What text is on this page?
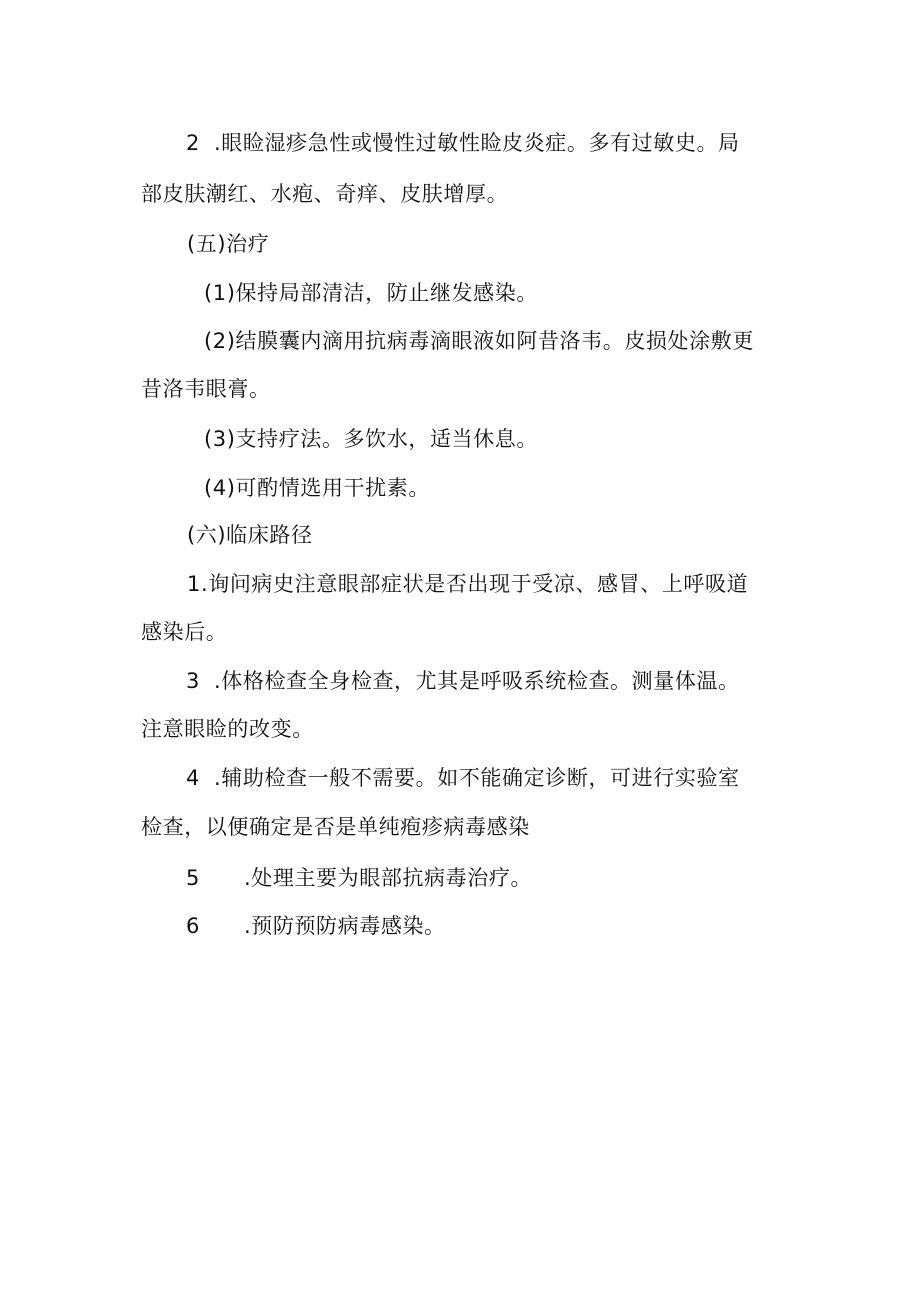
2 .眼睑湿疹急性或慢性过敏性睑皮炎症。多有过敏史。局
部皮肤潮红、水疱、奇痒、皮肤增厚。
(五)治疗
(1)保持局部清洁，防止继发感染。
(2)结膜囊内滴用抗病毒滴眼液如阿昔洛韦。皮损处涂敷更
昔洛韦眼膏。
(3)支持疗法。多饮水，适当休息。
(4)可酌情选用干扰素。
(六)临床路径
1.询问病史注意眼部症状是否出现于受凉、感冒、上呼吸道
感染后。
3 .体格检查全身检查，尤其是呼吸系统检查。测量体温。
注意眼睑的改变。
4 .辅助检查一般不需要。如不能确定诊断，可进行实验室
检查，以便确定是否是单纯疱疹病毒感染
5 .处理主要为眼部抗病毒治疗。
6 .预防预防病毒感染。
